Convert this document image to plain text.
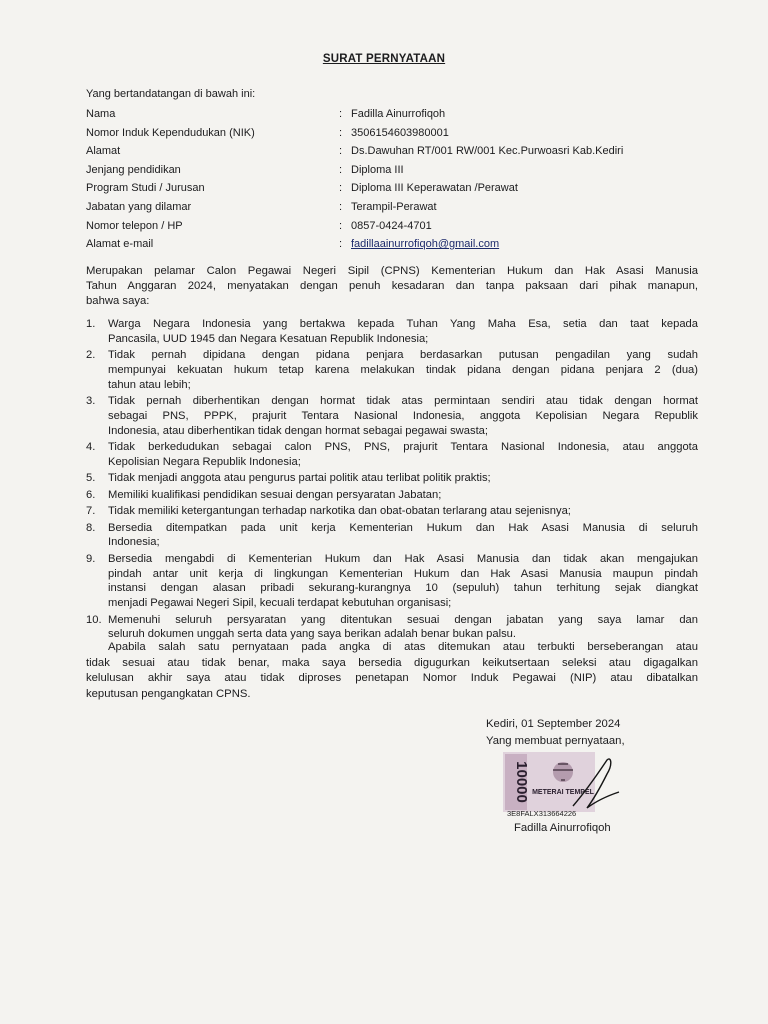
SURAT PERNYATAAN
Yang bertandatangan di bawah ini:
Nama	: Fadilla Ainurrofiqoh
Nomor Induk Kependudukan (NIK)	: 3506154603980001
Alamat	: Ds.Dawuhan RT/001 RW/001 Kec.Purwoasri Kab.Kediri
Jenjang pendidikan	: Diploma III
Program Studi / Jurusan	: Diploma III Keperawatan /Perawat
Jabatan yang dilamar	: Terampil-Perawat
Nomor telepon / HP	: 0857-0424-4701
Alamat e-mail	: fadillaainurrofiqoh@gmail.com
Merupakan pelamar Calon Pegawai Negeri Sipil (CPNS) Kementerian Hukum dan Hak Asasi Manusia
Tahun Anggaran 2024, menyatakan dengan penuh kesadaran dan tanpa paksaan dari pihak manapun,
bahwa saya:
1. Warga Negara Indonesia yang bertakwa kepada Tuhan Yang Maha Esa, setia dan taat kepada
Pancasila, UUD 1945 dan Negara Kesatuan Republik Indonesia;
2. Tidak pernah dipidana dengan pidana penjara berdasarkan putusan pengadilan yang sudah
mempunyai kekuatan hukum tetap karena melakukan tindak pidana dengan pidana penjara 2 (dua)
tahun atau lebih;
3. Tidak pernah diberhentikan dengan hormat tidak atas permintaan sendiri atau tidak dengan hormat
sebagai PNS, PPPK, prajurit Tentara Nasional Indonesia, anggota Kepolisian Negara Republik
Indonesia, atau diberhentikan tidak dengan hormat sebagai pegawai swasta;
4. Tidak berkedudukan sebagai calon PNS, PNS, prajurit Tentara Nasional Indonesia, atau anggota
Kepolisian Negara Republik Indonesia;
5. Tidak menjadi anggota atau pengurus partai politik atau terlibat politik praktis;
6. Memiliki kualifikasi pendidikan sesuai dengan persyaratan Jabatan;
7. Tidak memiliki ketergantungan terhadap narkotika dan obat-obatan terlarang atau sejenisnya;
8. Bersedia ditempatkan pada unit kerja Kementerian Hukum dan Hak Asasi Manusia di seluruh
Indonesia;
9. Bersedia mengabdi di Kementerian Hukum dan Hak Asasi Manusia dan tidak akan mengajukan
pindah antar unit kerja di lingkungan Kementerian Hukum dan Hak Asasi Manusia maupun pindah
instansi dengan alasan pribadi sekurang-kurangnya 10 (sepuluh) tahun terhitung sejak diangkat
menjadi Pegawai Negeri Sipil, kecuali terdapat kebutuhan organisasi;
10. Memenuhi seluruh persyaratan yang ditentukan sesuai dengan jabatan yang saya lamar dan
seluruh dokumen unggah serta data yang saya berikan adalah benar bukan palsu.
Apabila salah satu pernyataan pada angka di atas ditemukan atau terbukti berseberangan atau
tidak sesuai atau tidak benar, maka saya bersedia digugurkan keikutsertaan seleksi atau digagalkan
kelulusan akhir saya atau tidak diproses penetapan Nomor Induk Pegawai (NIP) atau dibatalkan
keputusan pengangkatan CPNS.
Kediri, 01 September 2024
Yang membuat pernyataan,
10000 METERAI TEMPEL
3E8FALX313664226
Fadilla Ainurrofiqoh
